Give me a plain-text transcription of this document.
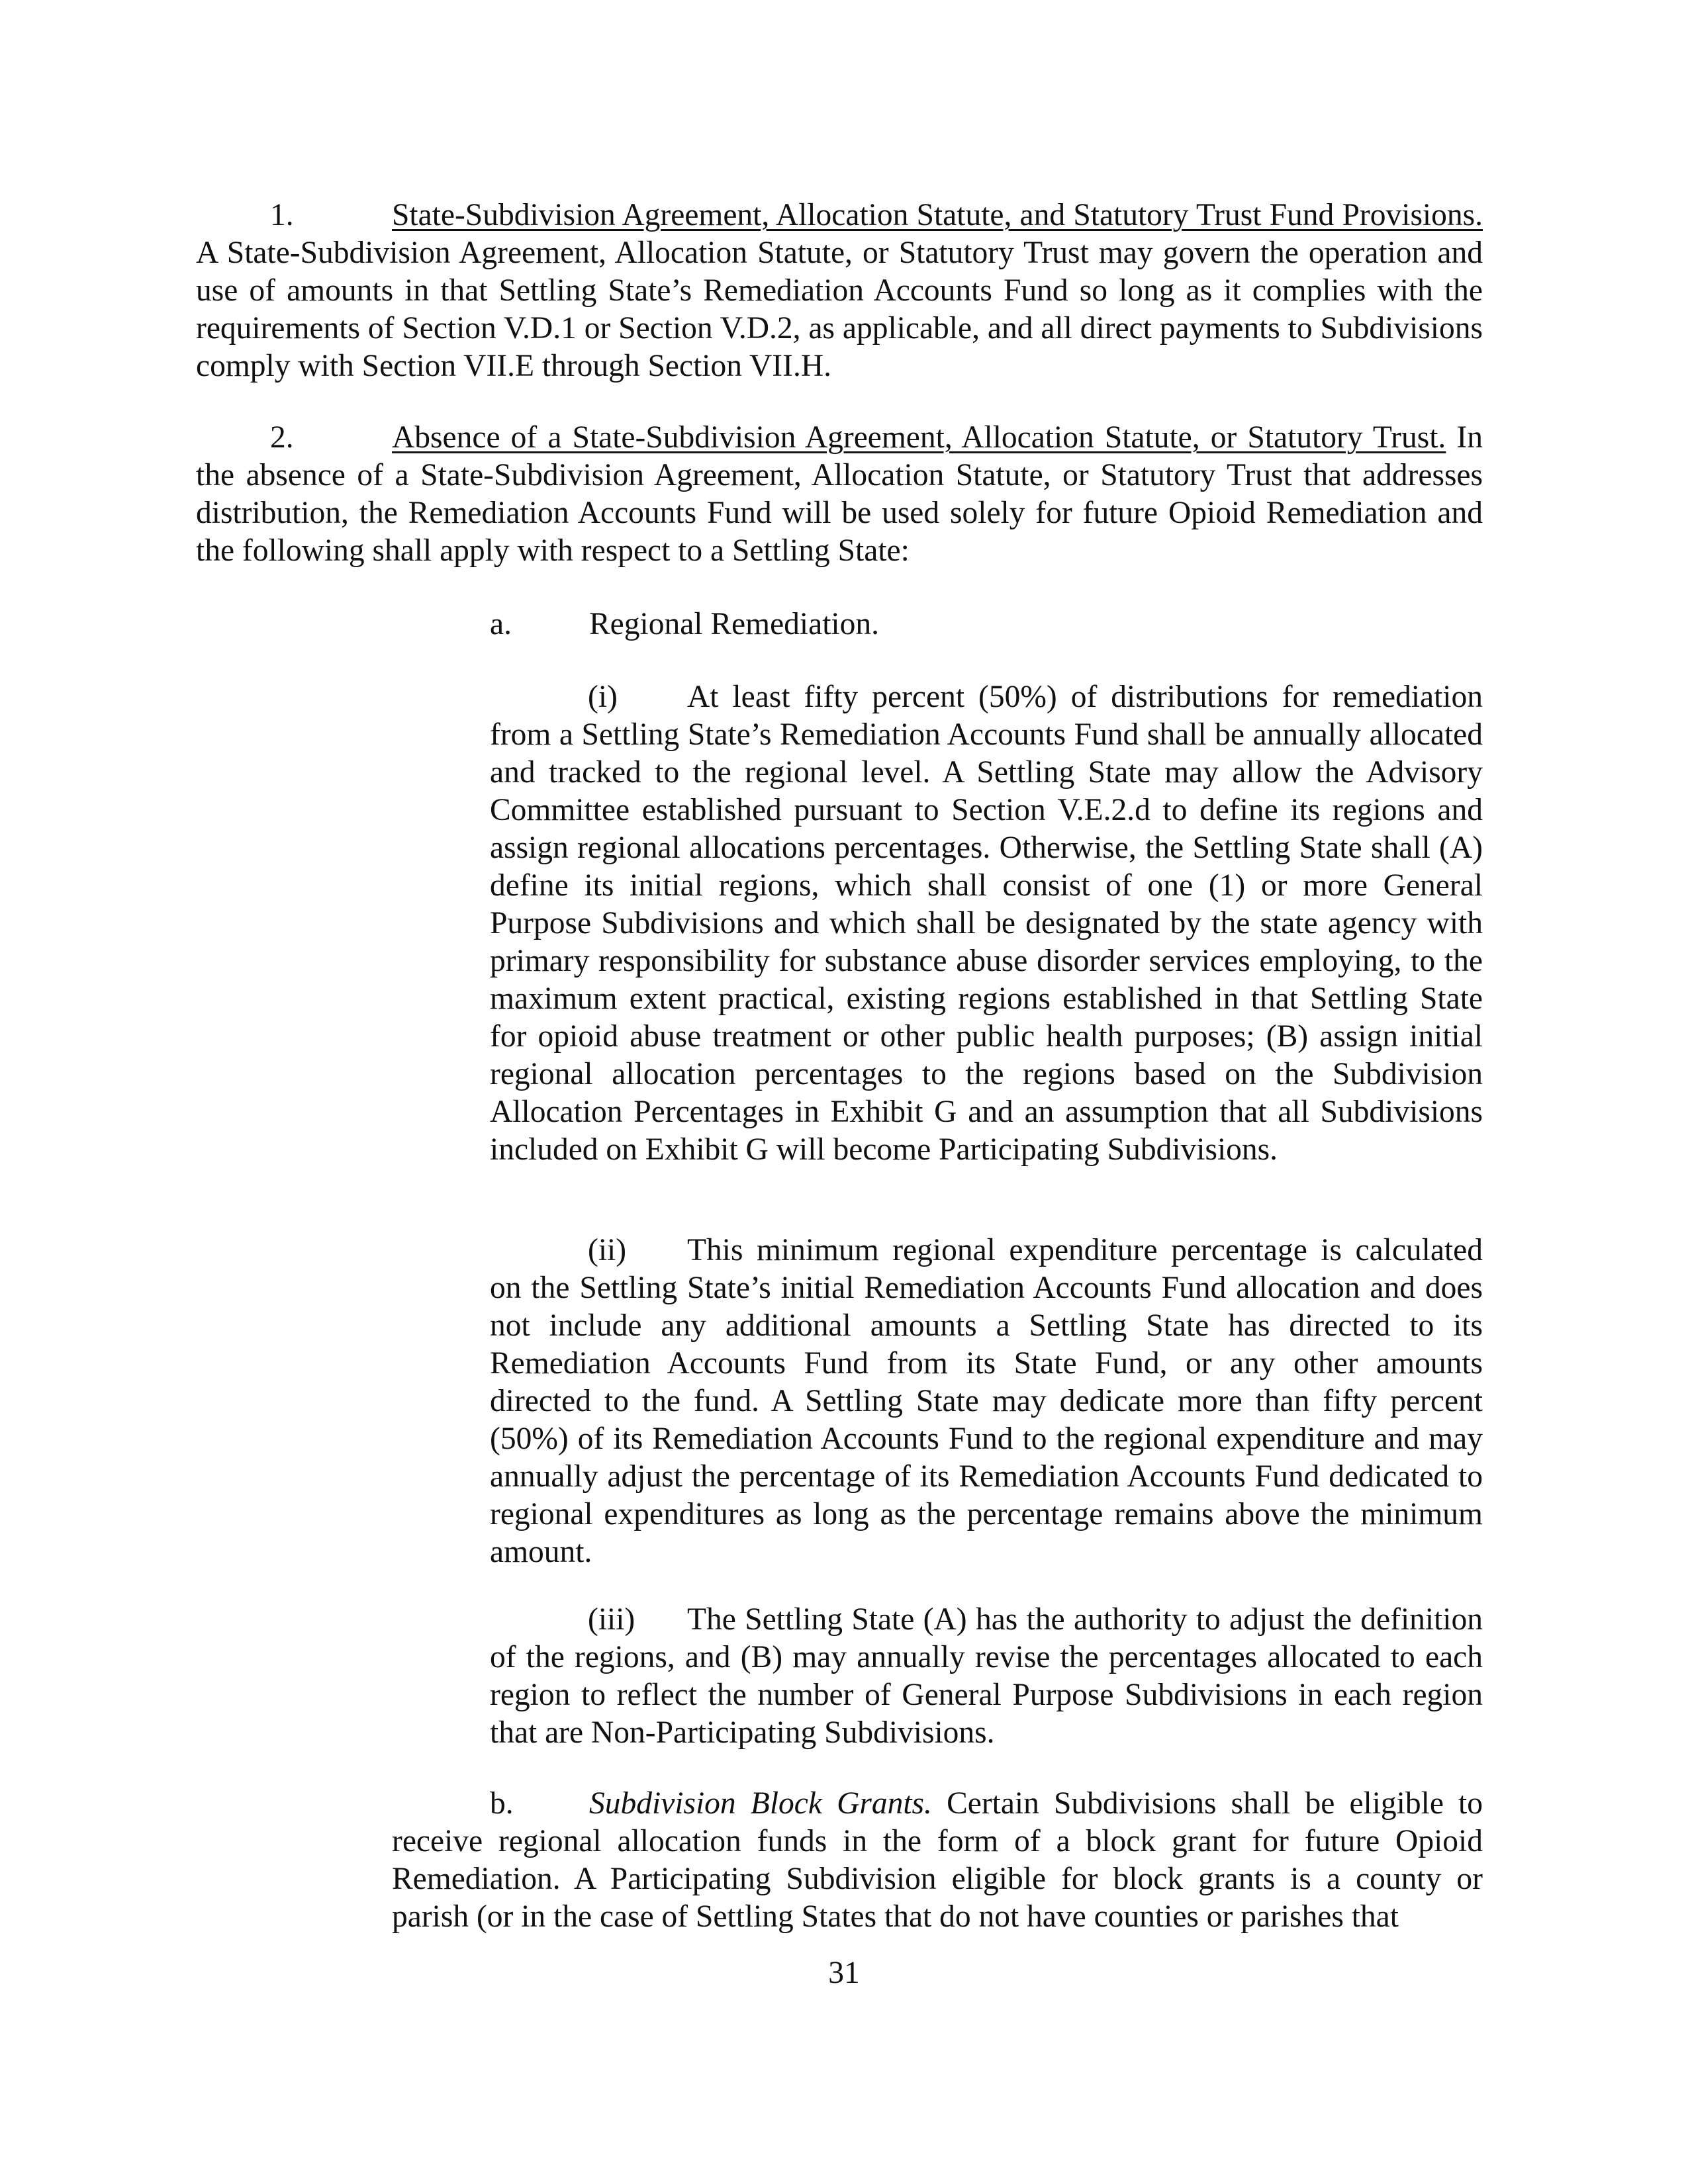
1.	State-Subdivision Agreement, Allocation Statute, and Statutory Trust Fund Provisions. A State-Subdivision Agreement, Allocation Statute, or Statutory Trust may govern the operation and use of amounts in that Settling State’s Remediation Accounts Fund so long as it complies with the requirements of Section V.D.1 or Section V.D.2, as applicable, and all direct payments to Subdivisions comply with Section VII.E through Section VII.H.

2.	Absence of a State-Subdivision Agreement, Allocation Statute, or Statutory Trust. In the absence of a State-Subdivision Agreement, Allocation Statute, or Statutory Trust that addresses distribution, the Remediation Accounts Fund will be used solely for future Opioid Remediation and the following shall apply with respect to a Settling State:

a. Regional Remediation.

(i) At least fifty percent (50%) of distributions for remediation from a Settling State’s Remediation Accounts Fund shall be annually allocated and tracked to the regional level. A Settling State may allow the Advisory Committee established pursuant to Section V.E.2.d to define its regions and assign regional allocations percentages. Otherwise, the Settling State shall (A) define its initial regions, which shall consist of one (1) or more General Purpose Subdivisions and which shall be designated by the state agency with primary responsibility for substance abuse disorder services employing, to the maximum extent practical, existing regions established in that Settling State for opioid abuse treatment or other public health purposes; (B) assign initial regional allocation percentages to the regions based on the Subdivision Allocation Percentages in Exhibit G and an assumption that all Subdivisions included on Exhibit G will become Participating Subdivisions.

(ii) This minimum regional expenditure percentage is calculated on the Settling State’s initial Remediation Accounts Fund allocation and does not include any additional amounts a Settling State has directed to its Remediation Accounts Fund from its State Fund, or any other amounts directed to the fund. A Settling State may dedicate more than fifty percent (50%) of its Remediation Accounts Fund to the regional expenditure and may annually adjust the percentage of its Remediation Accounts Fund dedicated to regional expenditures as long as the percentage remains above the minimum amount.

(iii) The Settling State (A) has the authority to adjust the definition of the regions, and (B) may annually revise the percentages allocated to each region to reflect the number of General Purpose Subdivisions in each region that are Non-Participating Subdivisions.

b. Subdivision Block Grants. Certain Subdivisions shall be eligible to receive regional allocation funds in the form of a block grant for future Opioid Remediation. A Participating Subdivision eligible for block grants is a county or parish (or in the case of Settling States that do not have counties or parishes that

31
